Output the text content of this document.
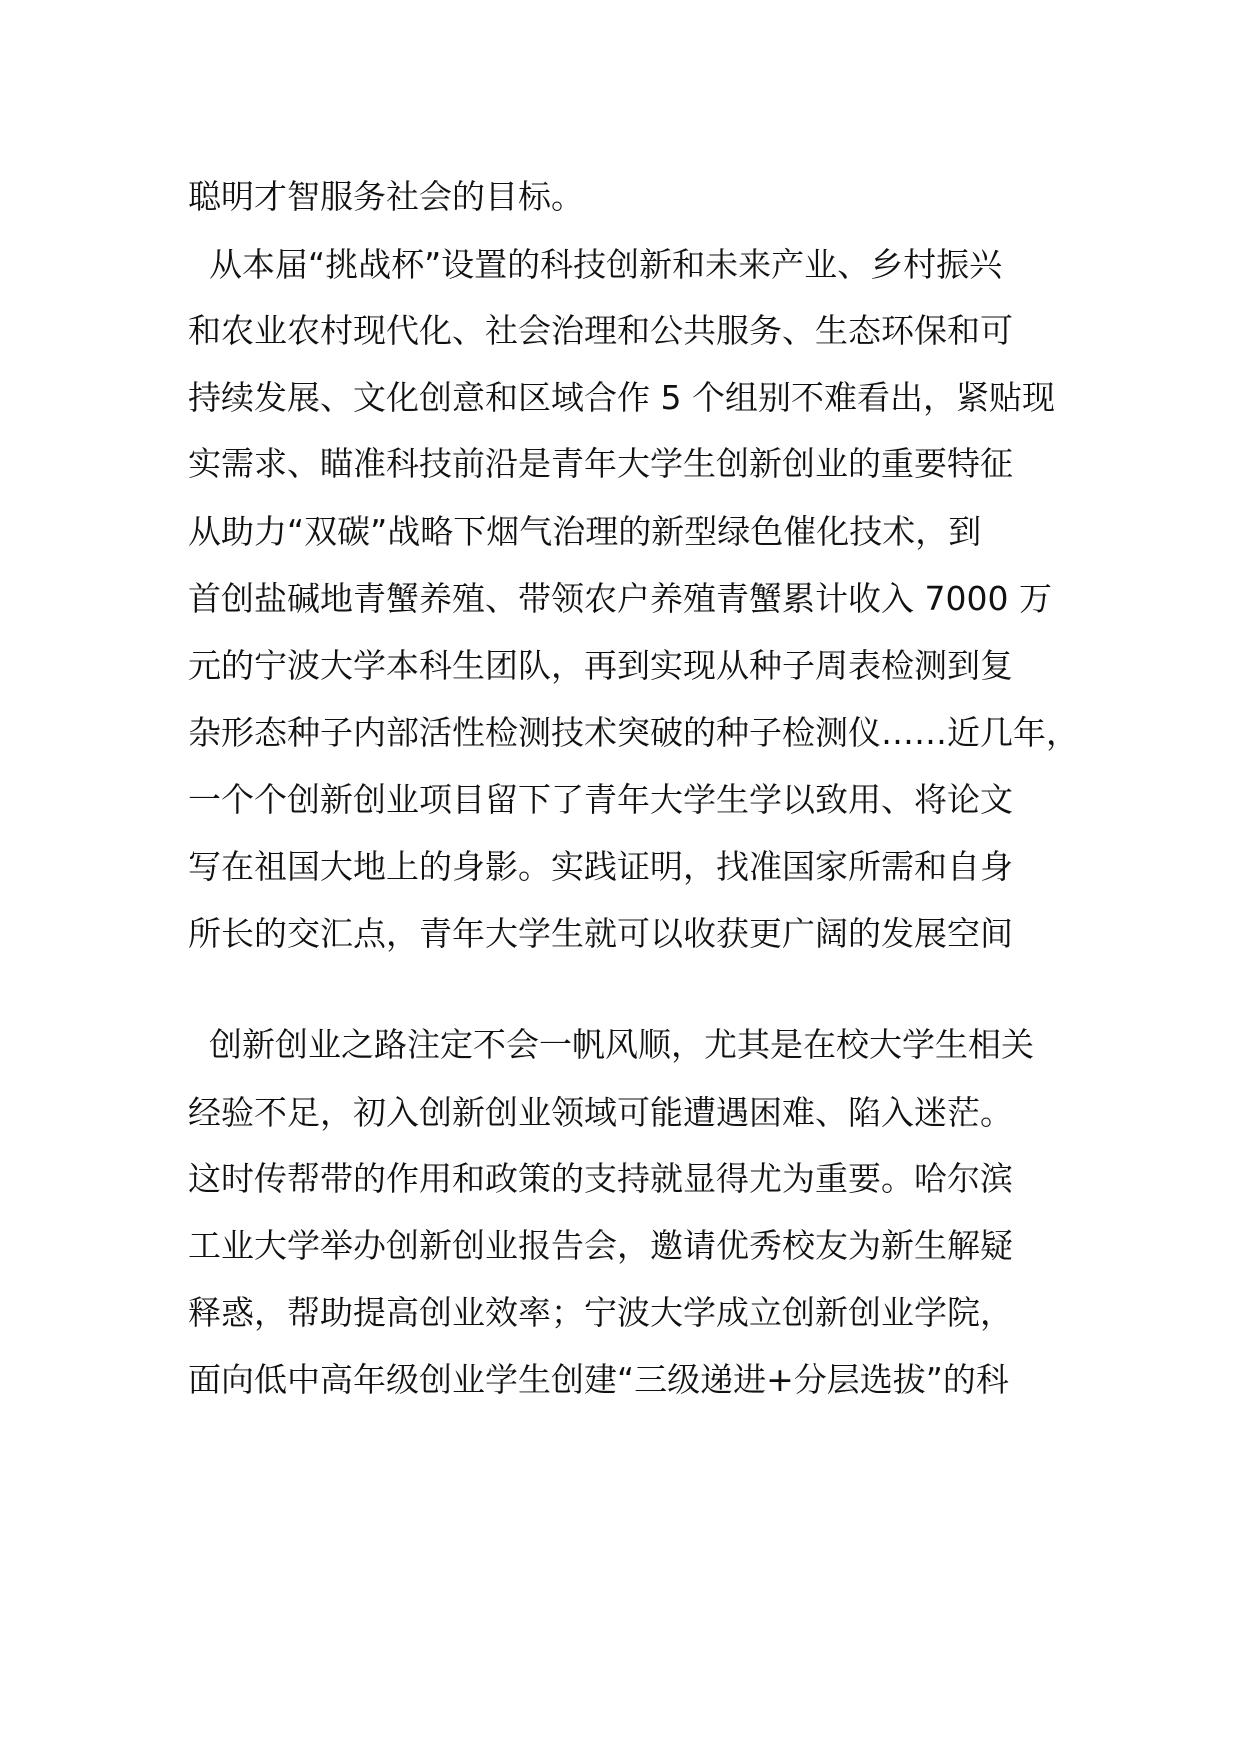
聪明才智服务社会的目标。
从本届“挑战杯”设置的科技创新和未来产业、乡村振兴
和农业农村现代化、社会治理和公共服务、生态环保和可
持续发展、文化创意和区域合作 5 个组别不难看出，紧贴现
实需求、瞄准科技前沿是青年大学生创新创业的重要特征
从助力“双碳”战略下烟气治理的新型绿色催化技术，到
首创盐碱地青蟹养殖、带领农户养殖青蟹累计收入 7000 万
元的宁波大学本科生团队，再到实现从种子周表检测到复
杂形态种子内部活性检测技术突破的种子检测仪……近几年，
一个个创新创业项目留下了青年大学生学以致用、将论文
写在祖国大地上的身影。实践证明，找准国家所需和自身
所长的交汇点，青年大学生就可以收获更广阔的发展空间
创新创业之路注定不会一帆风顺，尤其是在校大学生相关
经验不足，初入创新创业领域可能遭遇困难、陷入迷茫。
这时传帮带的作用和政策的支持就显得尤为重要。哈尔滨
工业大学举办创新创业报告会，邀请优秀校友为新生解疑
释惑，帮助提高创业效率；宁波大学成立创新创业学院，
面向低中高年级创业学生创建“三级递进+分层选拔”的科
